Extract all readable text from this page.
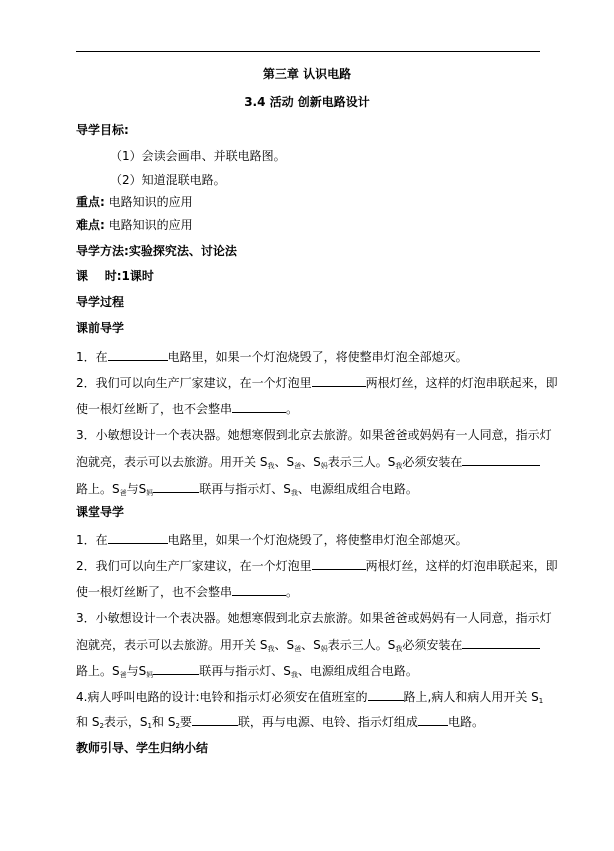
第三章 认识电路
3.4 活动 创新电路设计
导学目标:
（1）会读会画串、并联电路图。
（2）知道混联电路。
重点: 电路知识的应用
难点: 电路知识的应用
导学方法:实验探究法、讨论法
课    时:1课时
导学过程
课前导学
1．在	电路里，如果一个灯泡烧毁了，将使整串灯泡全部熄灭。
2．我们可以向生产厂家建议，在一个灯泡里	两根灯丝，这样的灯泡串联起来，即
使一根灯丝断了，也不会整串	。
3．小敏想设计一个表决器。她想寒假到北京去旅游。如果爸爸或妈妈有一人同意，指示灯
泡就亮，表示可以去旅游。用开关 $S_我$、$S_爸$、$S_妈$表示三人。$S_我$必须安装在
路上。$S_爸$与$S_妈$	联再与指示灯、$S_我$、电源组成组合电路。
课堂导学
1．在	电路里，如果一个灯泡烧毁了，将使整串灯泡全部熄灭。
2．我们可以向生产厂家建议，在一个灯泡里	两根灯丝，这样的灯泡串联起来，即
使一根灯丝断了，也不会整串	。
3．小敏想设计一个表决器。她想寒假到北京去旅游。如果爸爸或妈妈有一人同意，指示灯
泡就亮，表示可以去旅游。用开关 $S_我$、$S_爸$、$S_妈$表示三人。$S_我$必须安装在
路上。$S_爸$与$S_妈$	联再与指示灯、$S_我$、电源组成组合电路。
4.病人呼叫电路的设计:电铃和指示灯必须安在值班室的	路上,病人和病人用开关 $S_1$
和 $S_2$表示，$S_1$和 $S_2$要	联，再与电源、电铃、指示灯组成	电路。
教师引导、学生归纳小结
